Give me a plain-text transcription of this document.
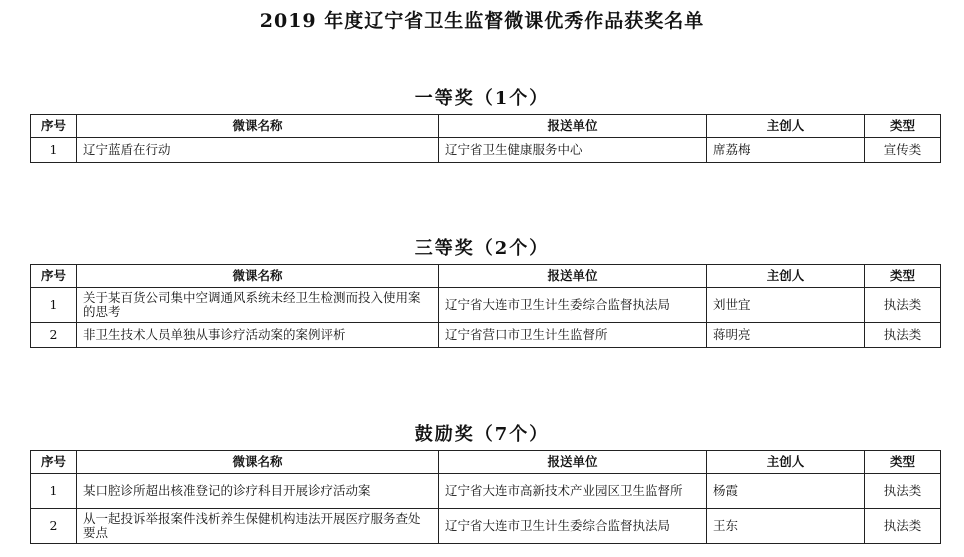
2019 年度辽宁省卫生监督微课优秀作品获奖名单
一等奖（1个）
序号	微课名称	报送单位	主创人	类型
1	辽宁蓝盾在行动	辽宁省卫生健康服务中心	席荔梅	宣传类
三等奖（2个）
序号	微课名称	报送单位	主创人	类型
1	关于某百货公司集中空调通风系统未经卫生检测而投入使用案的思考	辽宁省大连市卫生计生委综合监督执法局	刘世宜	执法类
2	非卫生技术人员单独从事诊疗活动案的案例评析	辽宁省营口市卫生计生监督所	蒋明亮	执法类
鼓励奖（7个）
序号	微课名称	报送单位	主创人	类型
1	某口腔诊所超出核准登记的诊疗科目开展诊疗活动案	辽宁省大连市高新技术产业园区卫生监督所	杨霞	执法类
2	从一起投诉举报案件浅析养生保健机构违法开展医疗服务查处要点	辽宁省大连市卫生计生委综合监督执法局	王东	执法类
